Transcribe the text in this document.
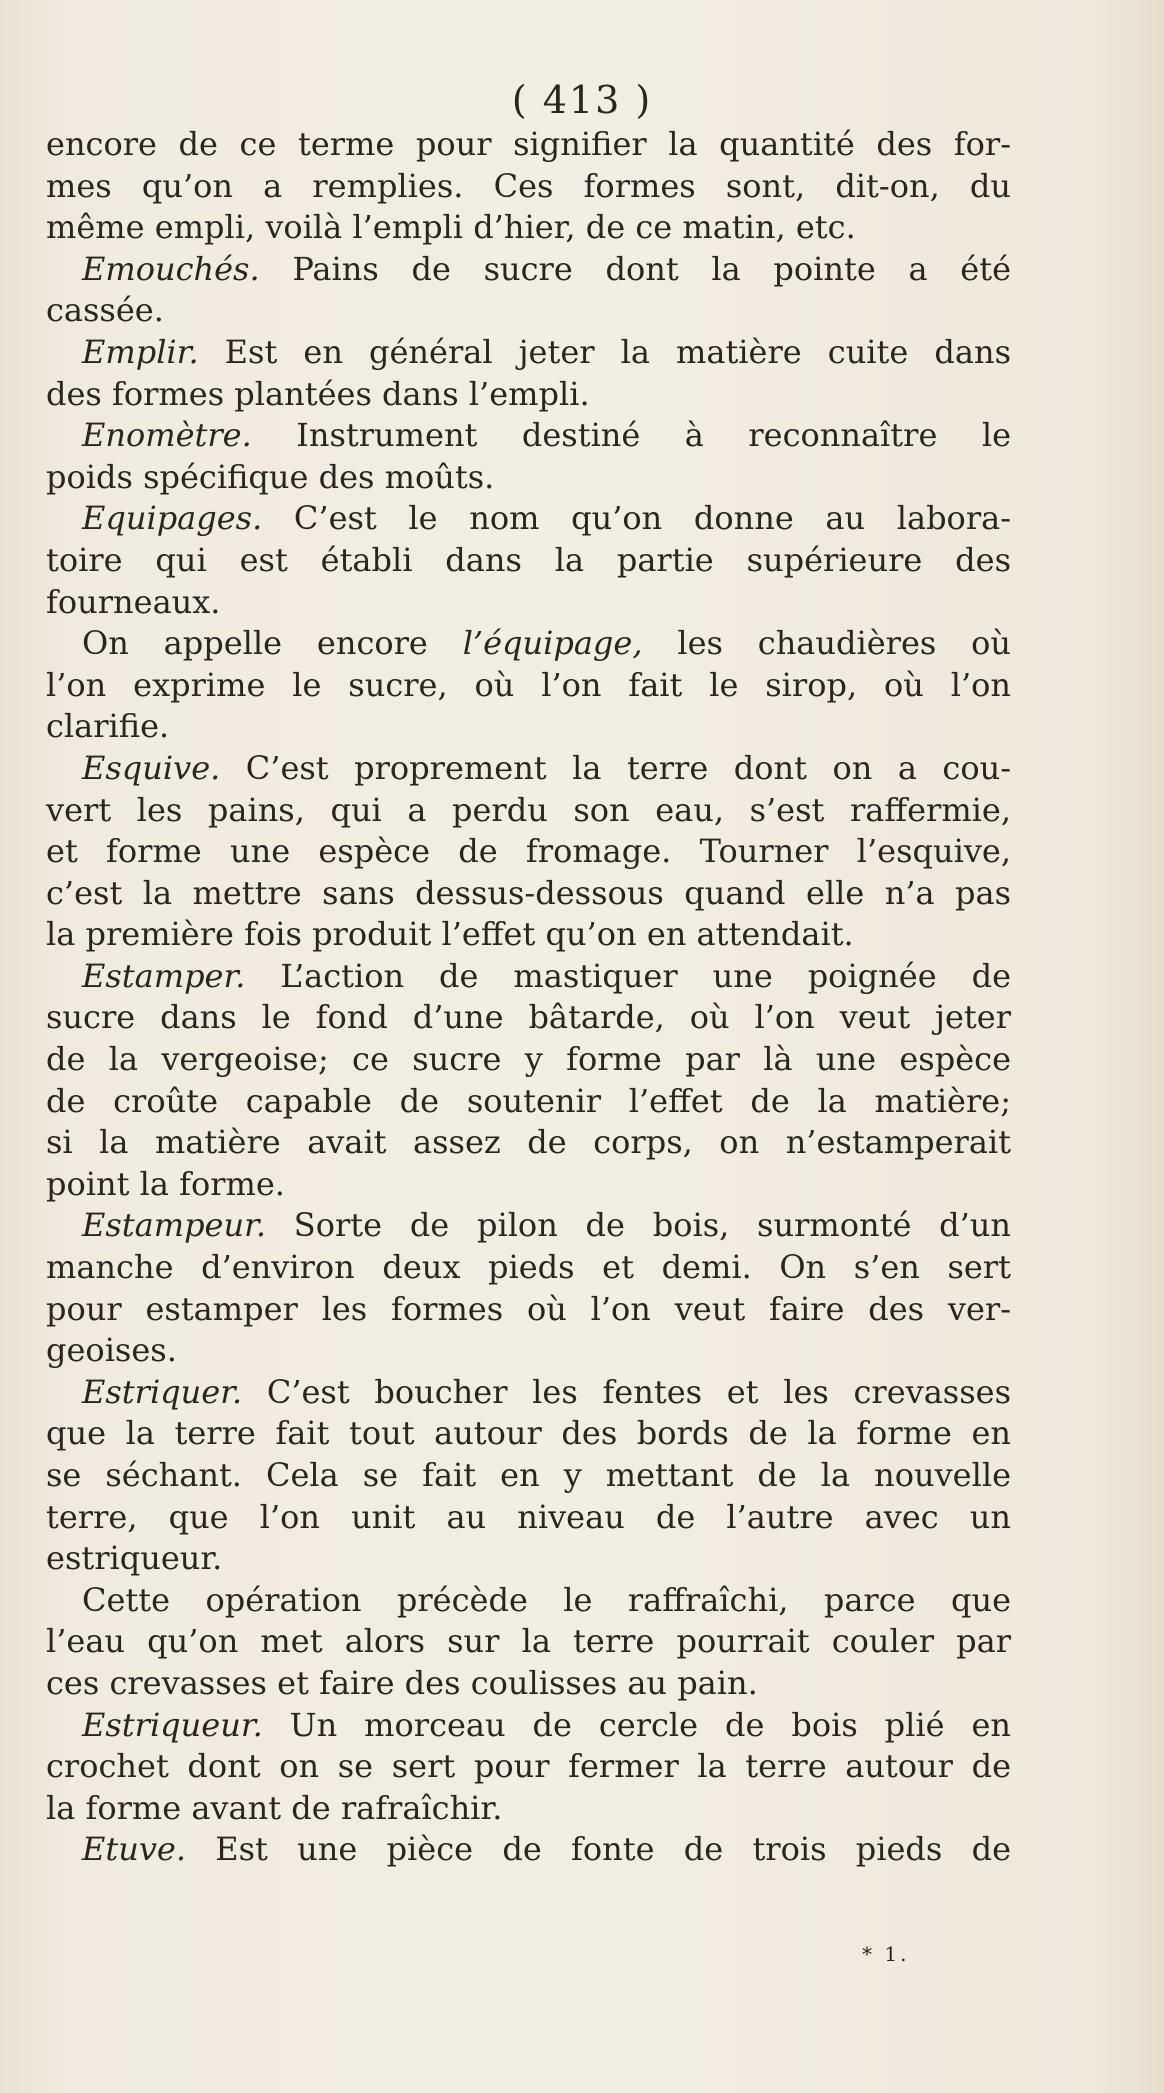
( 413 )
encore de ce terme pour signifier la quantité des for-
mes qu’on a remplies. Ces formes sont, dit-on, du
même empli, voilà l’empli d’hier, de ce matin, etc.
Emouchés. Pains de sucre dont la pointe a été
cassée.
Emplir. Est en général jeter la matière cuite dans
des formes plantées dans l’empli.
Enomètre. Instrument destiné à reconnaître le
poids spécifique des moûts.
Equipages. C’est le nom qu’on donne au labora-
toire qui est établi dans la partie supérieure des
fourneaux.
On appelle encore l’équipage, les chaudières où
l’on exprime le sucre, où l’on fait le sirop, où l’on
clarifie.
Esquive. C’est proprement la terre dont on a cou-
vert les pains, qui a perdu son eau, s’est raffermie,
et forme une espèce de fromage. Tourner l’esquive,
c’est la mettre sans dessus-dessous quand elle n’a pas
la première fois produit l’effet qu’on en attendait.
Estamper. L’action de mastiquer une poignée de
sucre dans le fond d’une bâtarde, où l’on veut jeter
de la vergeoise; ce sucre y forme par là une espèce
de croûte capable de soutenir l’effet de la matière;
si la matière avait assez de corps, on n’estamperait
point la forme.
Estampeur. Sorte de pilon de bois, surmonté d’un
manche d’environ deux pieds et demi. On s’en sert
pour estamper les formes où l’on veut faire des ver-
geoises.
Estriquer. C’est boucher les fentes et les crevasses
que la terre fait tout autour des bords de la forme en
se séchant. Cela se fait en y mettant de la nouvelle
terre, que l’on unit au niveau de l’autre avec un
estriqueur.
Cette opération précède le raffraîchi, parce que
l’eau qu’on met alors sur la terre pourrait couler par
ces crevasses et faire des coulisses au pain.
Estriqueur. Un morceau de cercle de bois plié en
crochet dont on se sert pour fermer la terre autour de
la forme avant de rafraîchir.
Etuve. Est une pièce de fonte de trois pieds de
* 1.
